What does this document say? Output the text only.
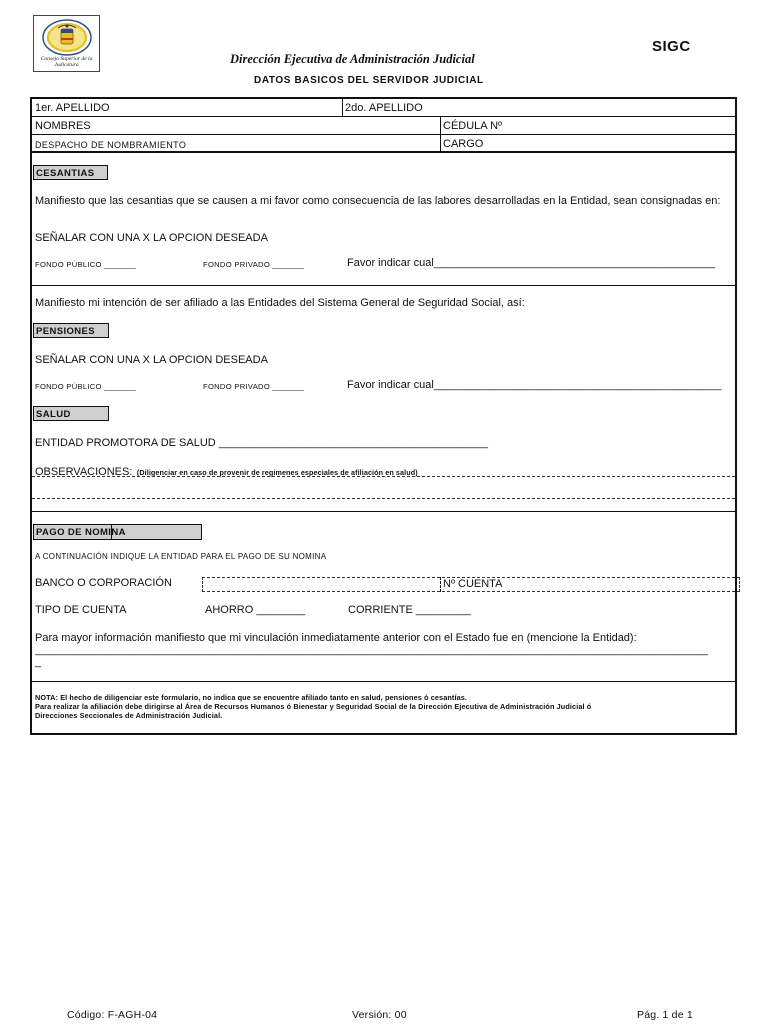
Consejo Superior de la Judicatura	Dirección Ejecutiva de Administración Judicial
SIGC
DATOS BASICOS DEL SERVIDOR JUDICIAL
1er. APELLIDO	2do. APELLIDO
NOMBRES	CÉDULA Nº
DESPACHO DE NOMBRAMIENTO	CARGO
CESANTIAS
Manifiesto que las cesantias que se causen a mi favor como consecuencia de las labores desarrolladas en la Entidad, sean consignadas en:
SEÑALAR CON UNA X LA OPCION DESEADA
FONDO PÚBLICO _______	FONDO PRIVADO _______	Favor indicar cual______________________________________________
Manifiesto mi intención de ser afiliado a las Entidades del Sistema General de Seguridad Social, así:
PENSIONES
SEÑALAR CON UNA X LA OPCION DESEADA
FONDO PÚBLICO _______	FONDO PRIVADO _______	Favor indicar cual_______________________________________________
SALUD
ENTIDAD PROMOTORA DE SALUD ____________________________________________
OBSERVACIONES: (Diligenciar en caso de provenir de regimenes especiales de afiliación en salud)
PAGO DE NOMINA
A CONTINUACIÓN INDIQUE LA ENTIDAD PARA EL PAGO DE SU NOMINA
BANCO O CORPORACIÓN	Nº CUENTA
TIPO DE CUENTA	AHORRO ________	CORRIENTE _________
Para mayor información manifiesto que mi vinculación inmediatamente anterior con el Estado fue en (mencione la Entidad):
______________________________________________________________________________________________________________
_
NOTA: El hecho de diligenciar este formulario, no indica que se encuentre afiliado tanto en salud, pensiones ó cesantías.
Para realizar la afiliación debe dirigirse al Área de Recursos Humanos ó Bienestar y Seguridad Social de la Dirección Ejecutiva de Administración Judicial ó
Direcciones Seccionales de Administración Judicial.
Código: F-AGH-04	Versión: 00	Pág. 1 de 1
